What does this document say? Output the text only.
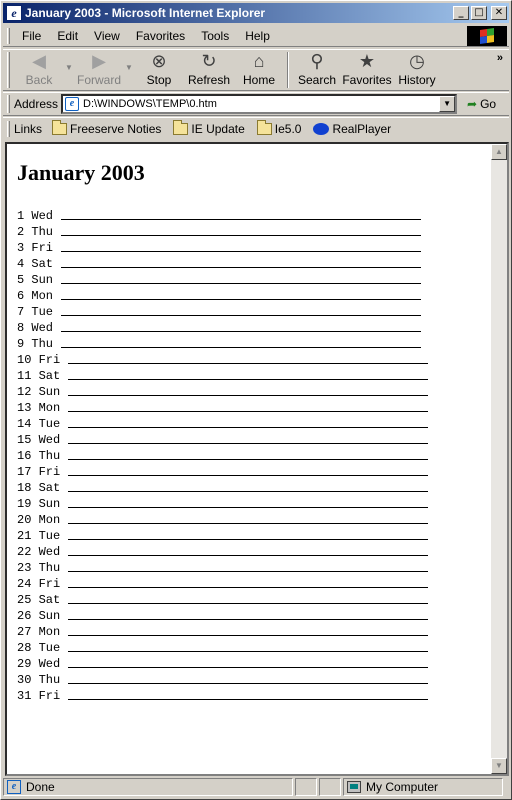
e January 2003 - Microsoft Internet Explorer	_	□	✕
File	Edit	View	Favorites	Tools	Help
◀
Back
▼ ▶
Forward
▼ ⊗
Stop
↻
Refresh
⌂
Home
⚲
Search
★
Favorites
◷
History
»
Address	e D:\WINDOWS\TEMP\0.htm	▼	➦ Go
Links Freeserve Noties	IE Update	Ie5.0	RealPlayer
January 2003
1 Wed
2 Thu
3 Fri
4 Sat
5 Sun
6 Mon
7 Tue
8 Wed
9 Thu
10 Fri
11 Sat
12 Sun
13 Mon
14 Tue
15 Wed
16 Thu
17 Fri
18 Sat
19 Sun
20 Mon
21 Tue
22 Wed
23 Thu
24 Fri
25 Sat
26 Sun
27 Mon
28 Tue
29 Wed
30 Thu
31 Fri
▲
▼
e Done	My Computer
